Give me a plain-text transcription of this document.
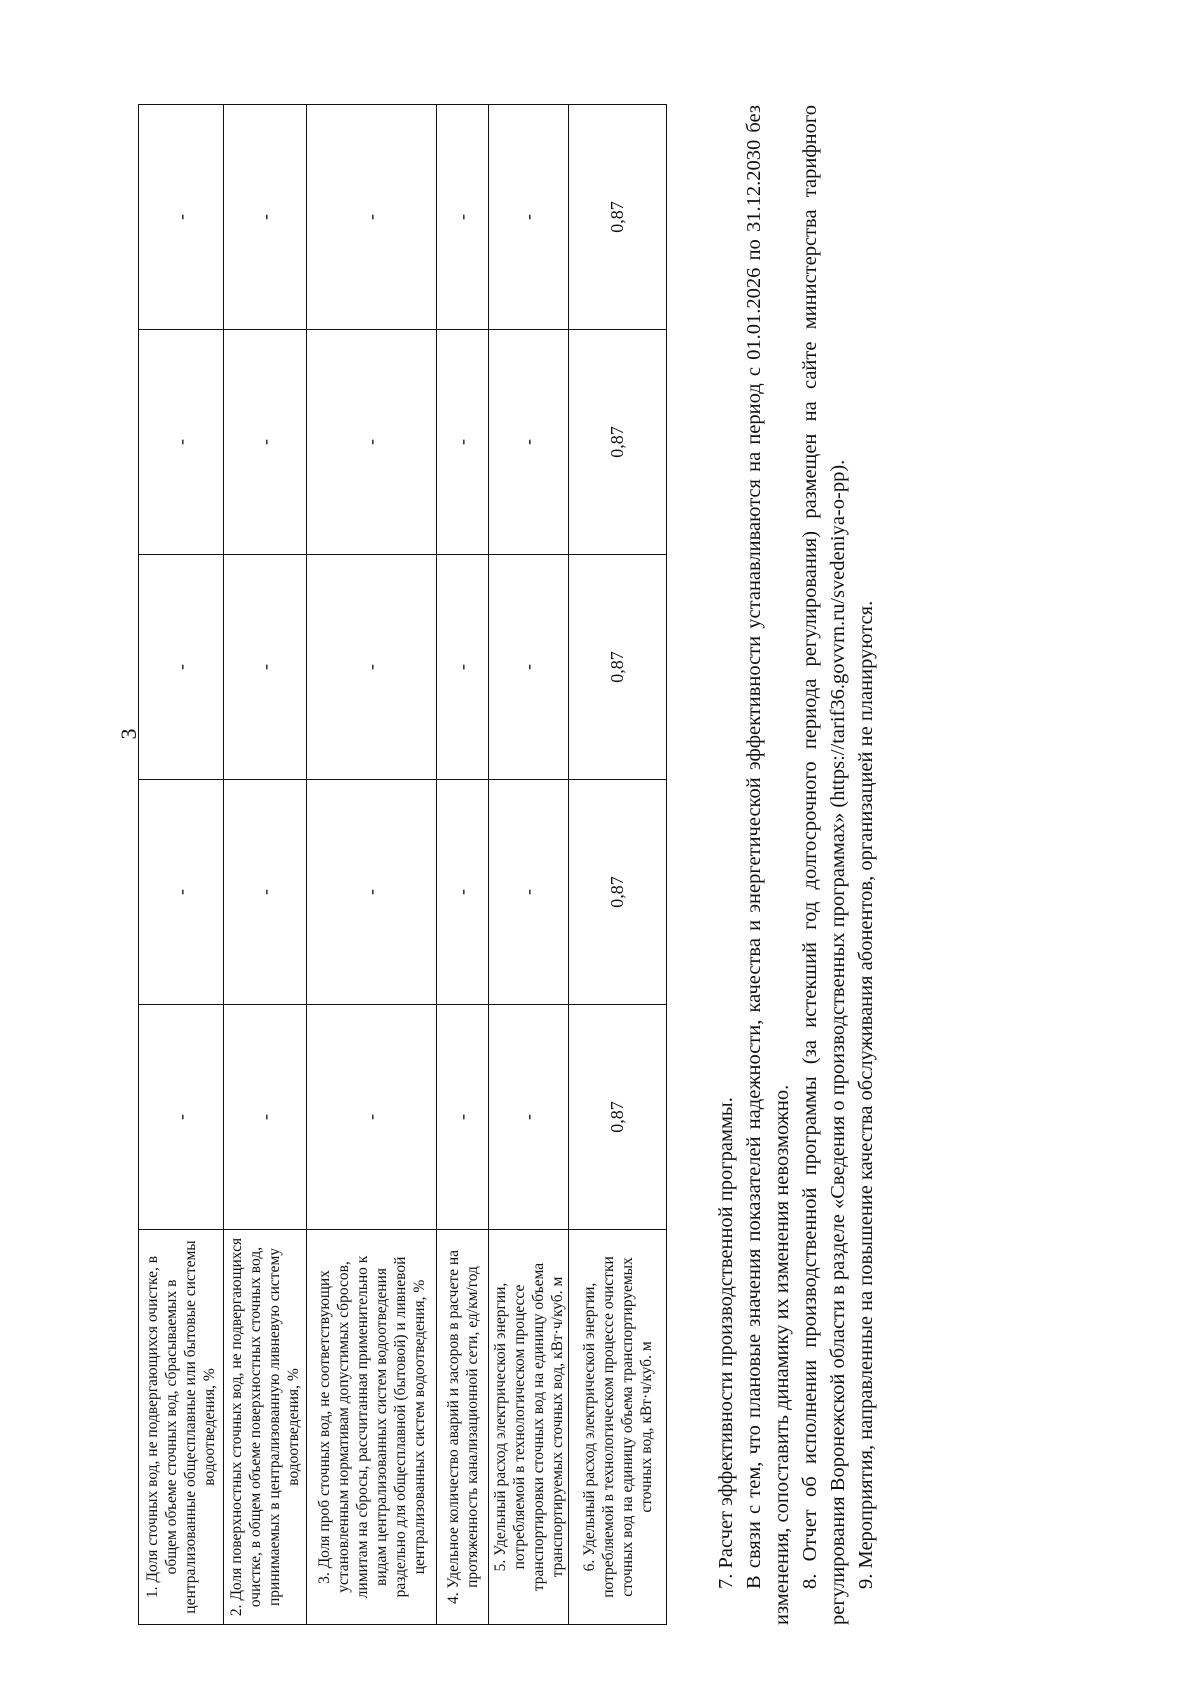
3
1. Доля сточных вод, не подвергающихся очистке, в общем объеме сточных вод, сбрасываемых в централизованные общесплавные или бытовые системы водоотведения, %	-	-	-	-	-
2. Доля поверхностных сточных вод, не подвергающихся очистке, в общем объеме поверхностных сточных вод, принимаемых в централизованную ливневую систему водоотведения, %	-	-	-	-	-
3. Доля проб сточных вод, не соответствующих установленным нормативам допустимых сбросов, лимитам на сбросы, рассчитанная применительно к видам централизованных систем водоотведения раздельно для общесплавной (бытовой) и ливневой централизованных систем водоотведения, %	-	-	-	-	-
4. Удельное количество аварий и засоров в расчете на протяженность канализационной сети, ед/км/год	-	-	-	-	-
5. Удельный расход электрической энергии, потребляемой в технологическом процессе транспортировки сточных вод на единицу объема транспортируемых сточных вод, кВт·ч/куб. м	-	-	-	-	-
6. Удельный расход электрической энергии, потребляемой в технологическом процессе очистки сточных вод на единицу объема транспортируемых сточных вод, кВт·ч/куб. м	0,87	0,87	0,87	0,87	0,87

7. Расчет эффективности производственной программы. В связи с тем, что плановые значения показателей надежности, качества и энергетической эффективности устанавливаются на период с 01.01.2026 по 31.12.2030 без изменения, сопоставить динамику их изменения невозможно. 8. Отчет об исполнении производственной программы (за истекший год долгосрочного периода регулирования) размещен на сайте министерства тарифного регулирования Воронежской области в разделе «Сведения о производственных программах» (https://tarif36.govvrn.ru/svedeniya-o-pp). 9. Мероприятия, направленные на повышение качества обслуживания абонентов, организацией не планируются.
